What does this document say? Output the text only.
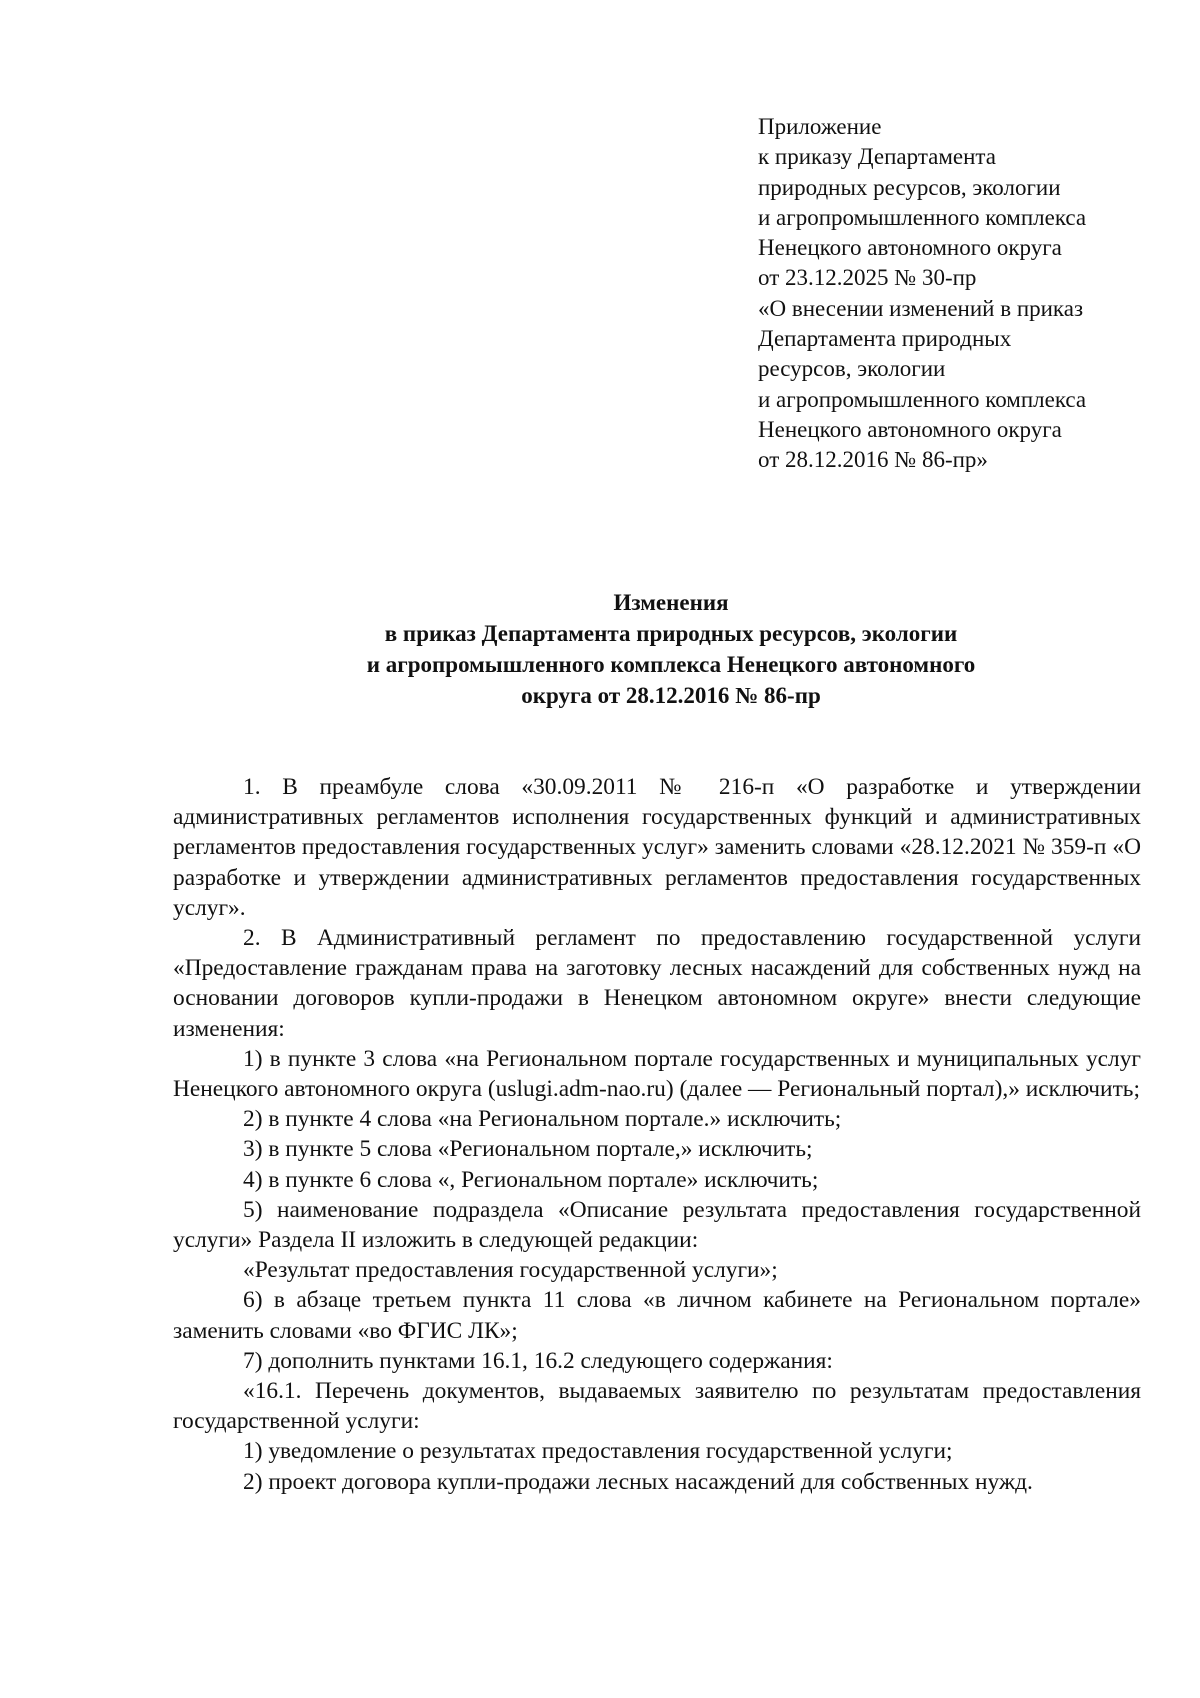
Приложение
к приказу Департамента
природных ресурсов, экологии
и агропромышленного комплекса
Ненецкого автономного округа
от 23.12.2025 № 30-пр
«О внесении изменений в приказ
Департамента природных
ресурсов, экологии
и агропромышленного комплекса
Ненецкого автономного округа
от 28.12.2016 № 86-пр»
Изменения
в приказ Департамента природных ресурсов, экологии
и агропромышленного комплекса Ненецкого автономного
округа от 28.12.2016 № 86-пр

1. В преамбуле слова «30.09.2011 № 216-п «О разработке и утверждении административных регламентов исполнения государственных функций и административных регламентов предоставления государственных услуг» заменить словами «28.12.2021 № 359-п «О разработке и утверждении административных регламентов предоставления государственных услуг».

2. В Административный регламент по предоставлению государственной услуги «Предоставление гражданам права на заготовку лесных насаждений для собственных нужд на основании договоров купли-продажи в Ненецком автономном округе» внести следующие изменения:

1) в пункте 3 слова «на Региональном портале государственных и муниципальных услуг Ненецкого автономного округа (uslugi.adm-nao.ru) (далее — Региональный портал),» исключить;

2) в пункте 4 слова «на Региональном портале.» исключить;

3) в пункте 5 слова «Региональном портале,» исключить;

4) в пункте 6 слова «, Региональном портале» исключить;

5) наименование подраздела «Описание результата предоставления государственной услуги» Раздела II изложить в следующей редакции:

«Результат предоставления государственной услуги»;

6) в абзаце третьем пункта 11 слова «в личном кабинете на Региональном портале» заменить словами «во ФГИС ЛК»;

7) дополнить пунктами 16.1, 16.2 следующего содержания:

«16.1. Перечень документов, выдаваемых заявителю по результатам предоставления государственной услуги:

1) уведомление о результатах предоставления государственной услуги;

2) проект договора купли-продажи лесных насаждений для собственных нужд.
